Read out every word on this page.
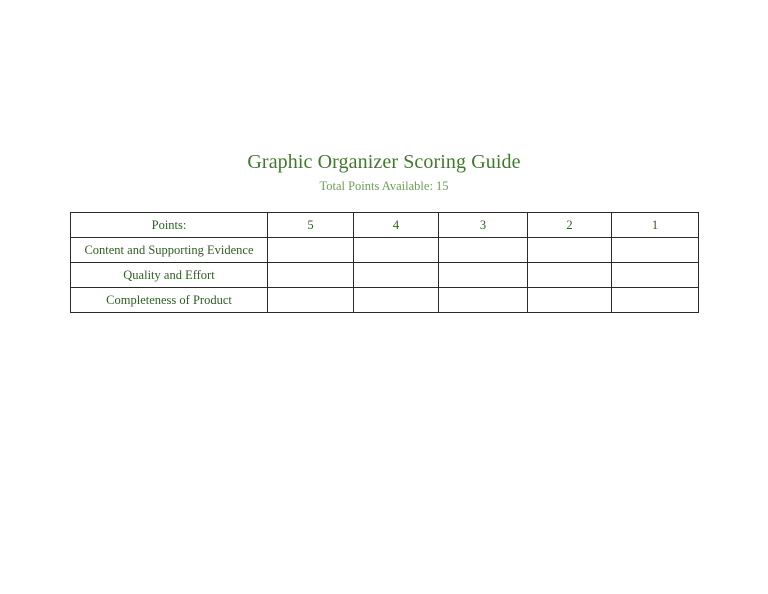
Graphic Organizer Scoring Guide
Total Points Available: 15
Points:	5	4	3	2	1
Content and Supporting Evidence					
Quality and Effort					
Completeness of Product					
